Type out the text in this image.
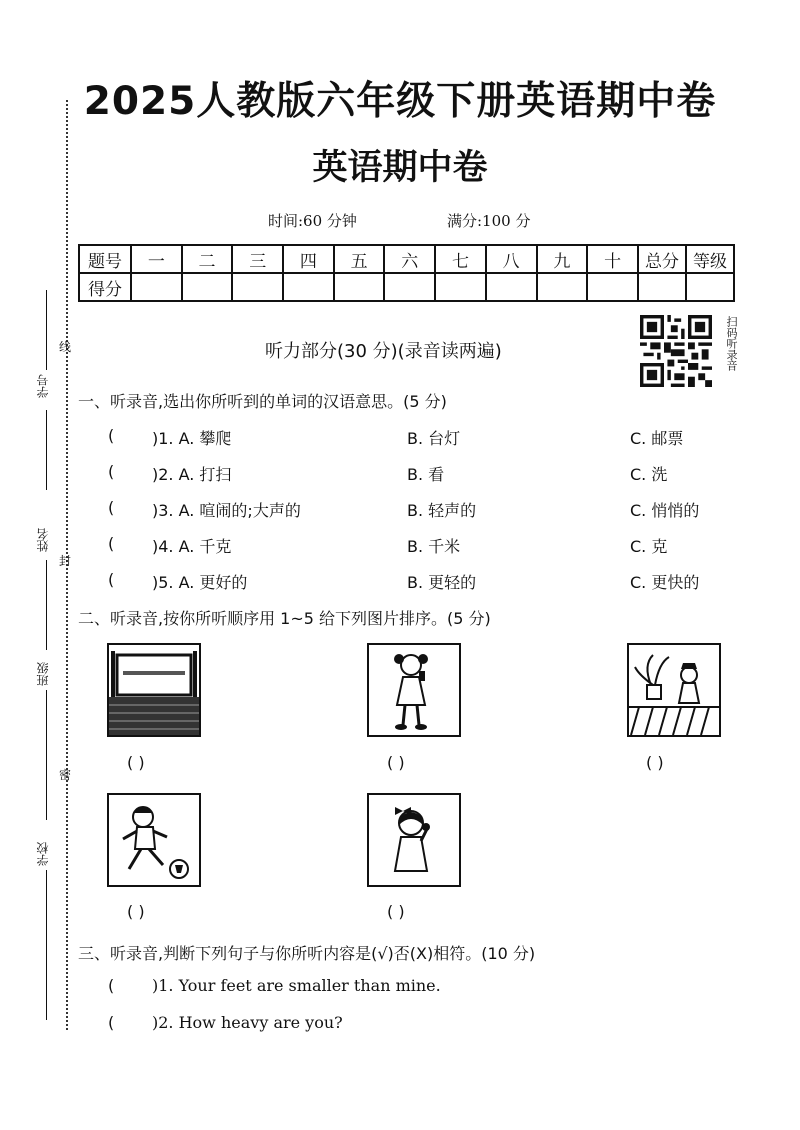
线
封
密
学号
姓名
班级
学校
2025人教版六年级下册英语期中卷
英语期中卷
时间:60 分钟	满分:100 分
题号	一	二	三	四	五	六	七	八	九	十	总分	等级
得分												
听力部分(30 分)(录音读两遍)	扫码听录音
一、听录音,选出你所听到的单词的汉语意思。(5 分)
( )1. A. 攀爬	B. 台灯	C. 邮票
( )2. A. 打扫	B. 看	C. 洗
( )3. A. 喧闹的;大声的	B. 轻声的	C. 悄悄的
( )4. A. 千克	B. 千米	C. 克
( )5. A. 更好的	B. 更轻的	C. 更快的
二、听录音,按你所听顺序用 1~5 给下列图片排序。(5 分)
( )	( )	( )
( )	( )
三、听录音,判断下列句子与你所听内容是(√)否(X)相符。(10 分)
( )1. Your feet are smaller than mine.
( )2. How heavy are you?
